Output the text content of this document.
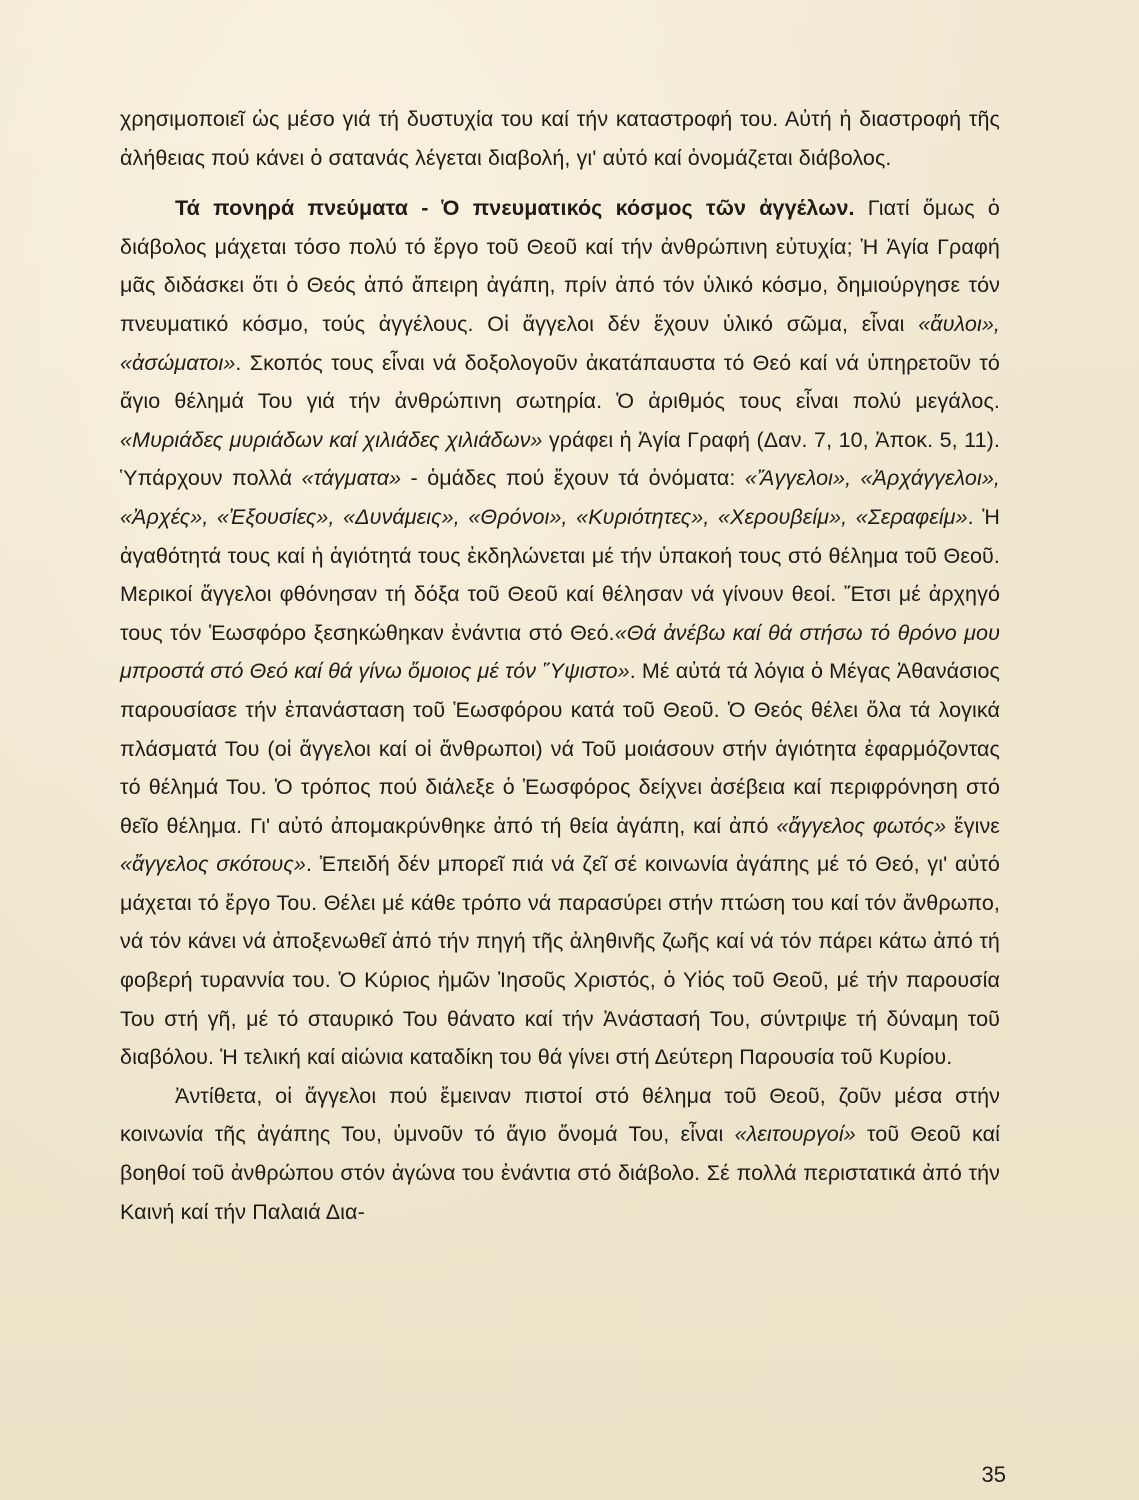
χρησιμοποιεῖ ὡς μέσο γιά τή δυστυχία του καί τήν καταστροφή του. Αὐτή ἡ διαστροφή τῆς ἀλήθειας πού κάνει ὁ σατανάς λέγεται διαβολή, γι' αὐτό καί ὀνομάζεται διάβολος.

Τά πονηρά πνεύματα - Ὁ πνευματικός κόσμος τῶν ἀγγέλων. Γιατί ὅμως ὁ διάβολος μάχεται τόσο πολύ τό ἔργο τοῦ Θεοῦ καί τήν ἀνθρώπινη εὐτυχία; Ἡ Ἁγία Γραφή μᾶς διδάσκει ὅτι ὁ Θεός ἀπό ἄπειρη ἀγάπη, πρίν ἀπό τόν ὑλικό κόσμο, δημιούργησε τόν πνευματικό κόσμο, τούς ἀγγέλους. Οἱ ἄγγελοι δέν ἔχουν ὑλικό σῶμα, εἶναι «ἄυλοι», «ἀσώματοι». Σκοπός τους εἶναι νά δοξολογοῦν ἀκατάπαυστα τό Θεό καί νά ὑπηρετοῦν τό ἅγιο θέλημά Του γιά τήν ἀνθρώπινη σωτηρία. Ὁ ἀριθμός τους εἶναι πολύ μεγάλος. «Μυριάδες μυριάδων καί χιλιάδες χιλιάδων» γράφει ἡ Ἁγία Γραφή (Δαν. 7, 10, Ἀποκ. 5, 11). Ὑπάρχουν πολλά «τάγματα» - ὁμάδες πού ἔχουν τά ὀνόματα: «Ἄγγελοι», «Ἀρχάγγελοι», «Ἀρχές», «Ἐξουσίες», «Δυνάμεις», «Θρόνοι», «Κυριότητες», «Χερουβείμ», «Σεραφείμ». Ἡ ἀγαθότητά τους καί ἡ ἁγιότητά τους ἐκδηλώνεται μέ τήν ὑπακοή τους στό θέλημα τοῦ Θεοῦ. Μερικοί ἄγγελοι φθόνησαν τή δόξα τοῦ Θεοῦ καί θέλησαν νά γίνουν θεοί. Ἔτσι μέ ἀρχηγό τους τόν Ἑωσφόρο ξεσηκώθηκαν ἐνάντια στό Θεό.«Θά ἀνέβω καί θά στήσω τό θρόνο μου μπροστά στό Θεό καί θά γίνω ὅμοιος μέ τόν Ὕψιστο». Μέ αὐτά τά λόγια ὁ Μέγας Ἀθανάσιος παρουσίασε τήν ἐπανάσταση τοῦ Ἑωσφόρου κατά τοῦ Θεοῦ. Ὁ Θεός θέλει ὅλα τά λογικά πλάσματά Του (οἱ ἄγγελοι καί οἱ ἄνθρωποι) νά Τοῦ μοιάσουν στήν ἁγιότητα ἐφαρμόζοντας τό θέλημά Του. Ὁ τρόπος πού διάλεξε ὁ Ἑωσφόρος δείχνει ἀσέβεια καί περιφρόνηση στό θεῖο θέλημα. Γι' αὐτό ἀπομακρύνθηκε ἀπό τή θεία ἀγάπη, καί ἀπό «ἄγγελος φωτός» ἔγινε «ἄγγελος σκότους». Ἐπειδή δέν μπορεῖ πιά νά ζεῖ σέ κοινωνία ἀγάπης μέ τό Θεό, γι' αὐτό μάχεται τό ἔργο Του. Θέλει μέ κάθε τρόπο νά παρασύρει στήν πτώση του καί τόν ἄνθρωπο, νά τόν κάνει νά ἀποξενωθεῖ ἀπό τήν πηγή τῆς ἀληθινῆς ζωῆς καί νά τόν πάρει κάτω ἀπό τή φοβερή τυραννία του. Ὁ Κύριος ἡμῶν Ἰησοῦς Χριστός, ὁ Υἱός τοῦ Θεοῦ, μέ τήν παρουσία Του στή γῆ, μέ τό σταυρικό Του θάνατο καί τήν Ἀνάστασή Του, σύντριψε τή δύναμη τοῦ διαβόλου. Ἡ τελική καί αἰώνια καταδίκη του θά γίνει στή Δεύτερη Παρουσία τοῦ Κυρίου.

Ἀντίθετα, οἱ ἄγγελοι πού ἔμειναν πιστοί στό θέλημα τοῦ Θεοῦ, ζοῦν μέσα στήν κοινωνία τῆς ἀγάπης Του, ὑμνοῦν τό ἅγιο ὄνομά Του, εἶναι «λειτουργοί» τοῦ Θεοῦ καί βοηθοί τοῦ ἀνθρώπου στόν ἀγώνα του ἐνάντια στό διάβολο. Σέ πολλά περιστατικά ἀπό τήν Καινή καί τήν Παλαιά Δια-

35
